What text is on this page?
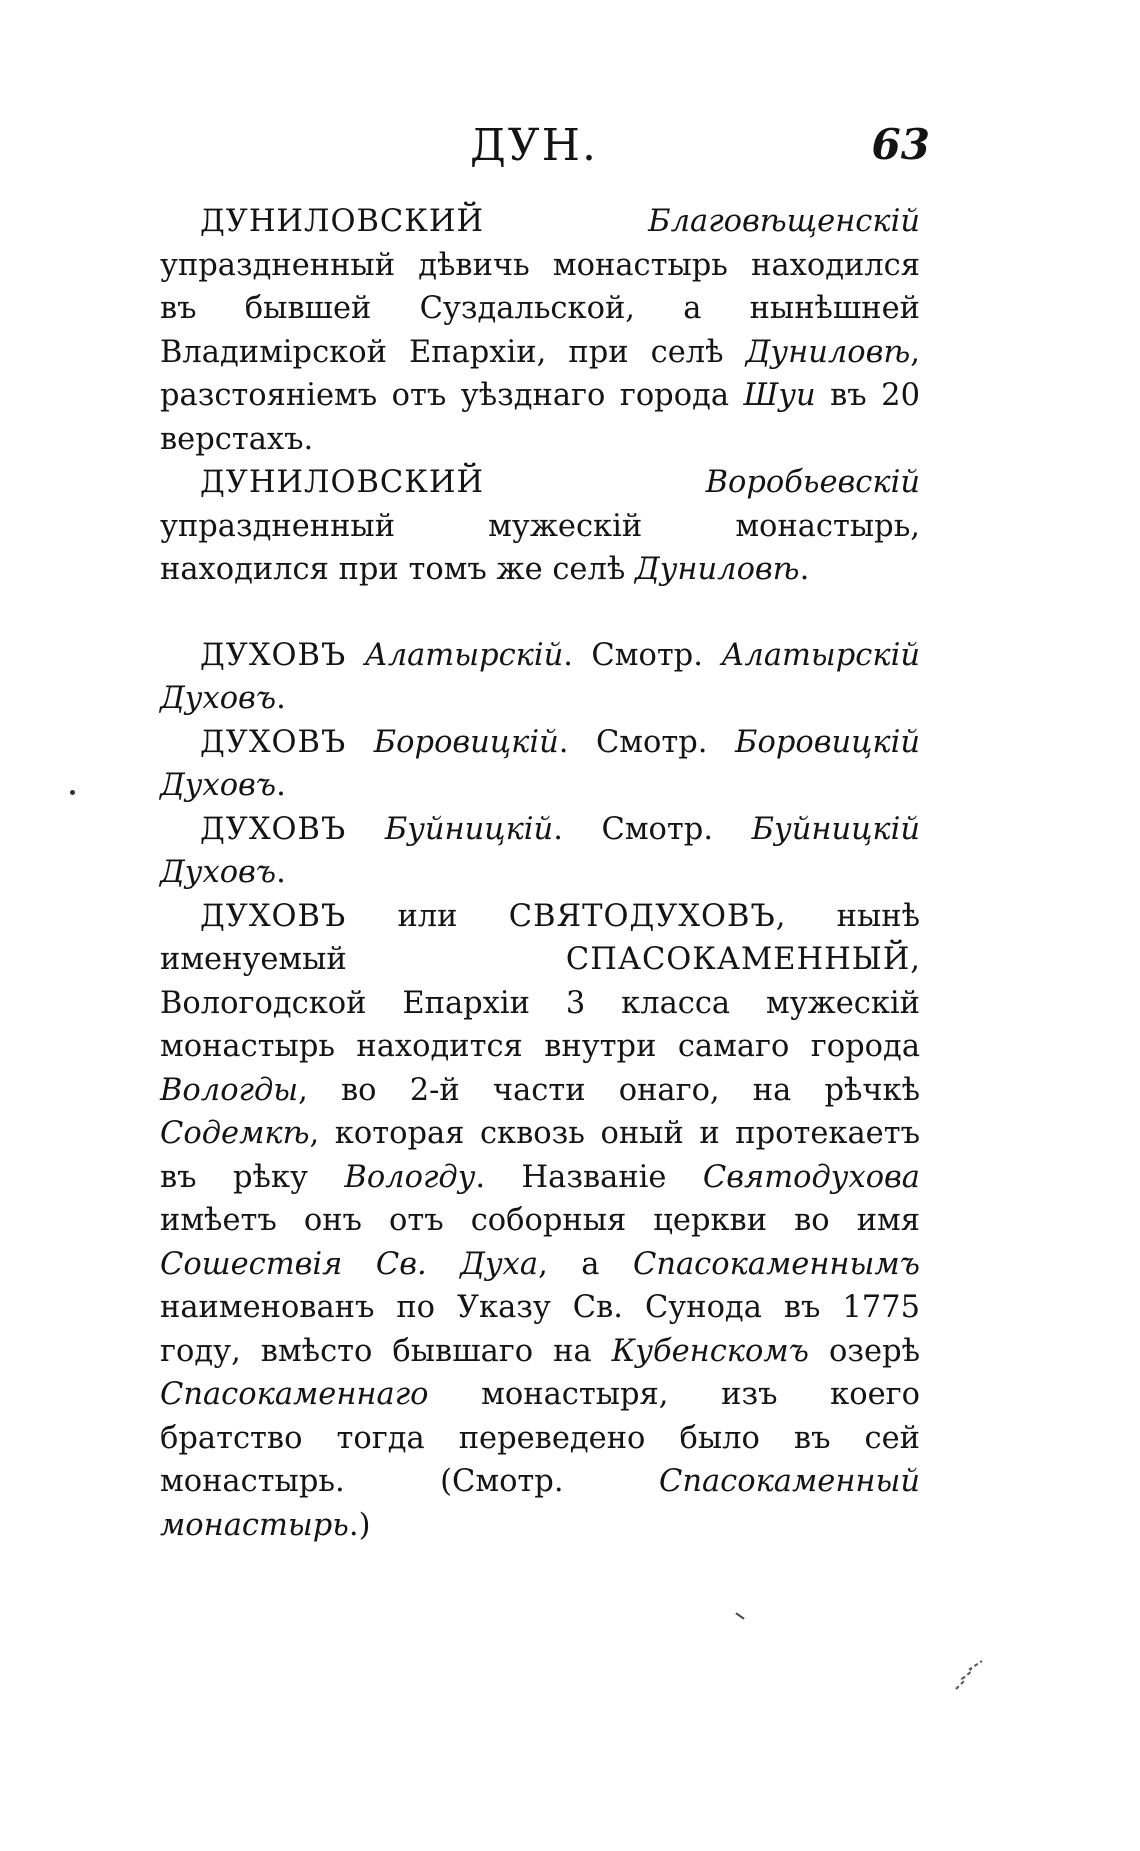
ДУН.	63

ДУНИЛОВСКИЙ	Благовѣщенскій упраздненный дѣвичь монастырь находился въ бывшей Суздальской, а нынѣшней Владимірской Епархіи, при селѣ Дуниловѣ, разстояніемъ отъ уѣзднаго города Шуи въ 20 верстахъ.

ДУНИЛОВСКИЙ	Воробьевскій упраздненный мужескій монастырь, находился при томъ же селѣ Дуниловѣ.

ДУХОВЪ Алатырскій. Смотр. Алатырскій Духовъ.

ДУХОВЪ Боровицкій. Смотр. Боровицкій Духовъ.

ДУХОВЪ Буйницкій. Смотр. Буйницкій Духовъ.

ДУХОВЪ или СВЯТОДУХОВЪ, нынѣ именуемый СПАСОКАМЕННЫЙ, Вологодской Епархіи 3 класса мужескій монастырь находится внутри самаго города Вологды, во 2-й части онаго, на рѣчкѣ Содемкѣ, которая сквозь оный и протекаетъ въ рѣку Вологду. Названіе Святодухова имѣетъ онъ отъ соборныя церкви во имя Сошествія Св. Духа, а Спасокаменнымъ наименованъ по Указу Св. Сунода въ 1775 году, вмѣсто бывшаго на Кубенскомъ озерѣ Спасокаменнаго монастыря, изъ коего братство тогда переведено было въ сей монастырь. (Смотр. Спасокаменный монастырь.)
